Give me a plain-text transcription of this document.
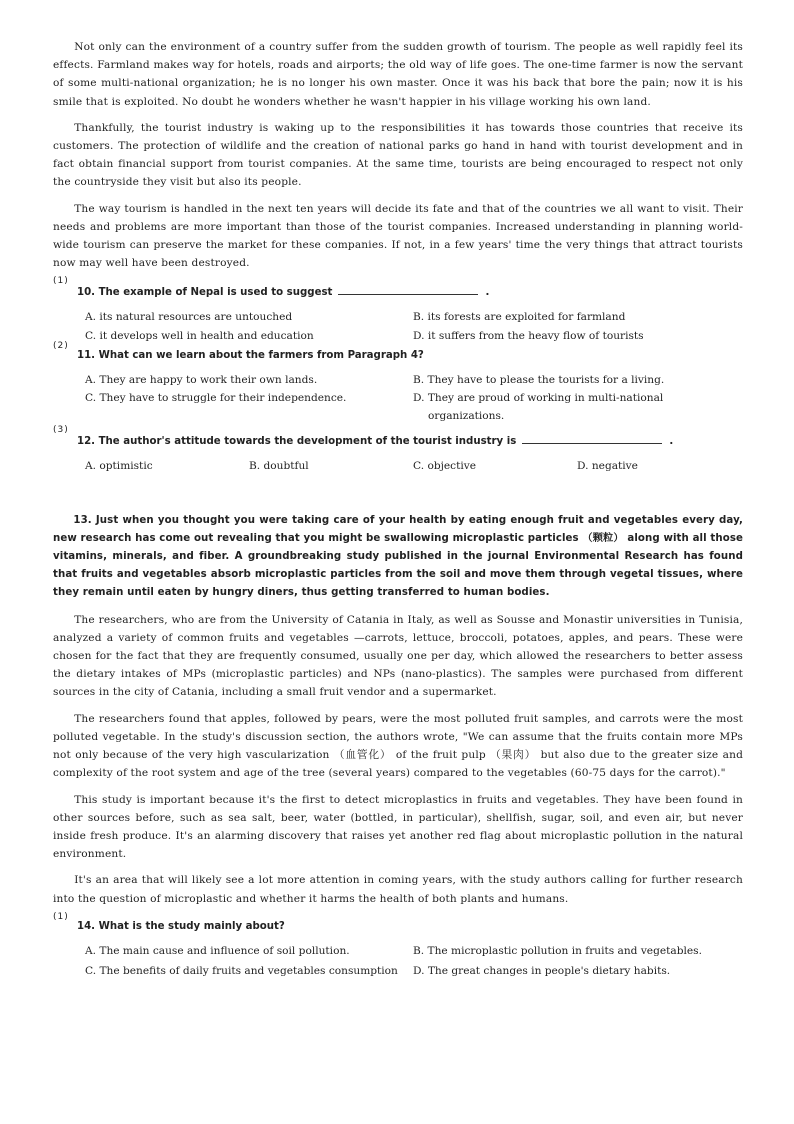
Not only can the environment of a country suffer from the sudden growth of tourism. The people as well rapidly feel its effects. Farmland makes way for hotels, roads and airports; the old way of life goes. The one-time farmer is now the servant of some multi-national organization; he is no longer his own master. Once it was his back that bore the pain; now it is his smile that is exploited. No doubt he wonders whether he wasn't happier in his village working his own land.

Thankfully, the tourist industry is waking up to the responsibilities it has towards those countries that receive its customers. The protection of wildlife and the creation of national parks go hand in hand with tourist development and in fact obtain financial support from tourist companies. At the same time, tourists are being encouraged to respect not only the countryside they visit but also its people.

The way tourism is handled in the next ten years will decide its fate and that of the countries we all want to visit. Their needs and problems are more important than those of the tourist companies. Increased understanding in planning world-wide tourism can preserve the market for these companies. If not, in a few years' time the very things that attract tourists now may well have been destroyed.

(1)
10. The example of Nepal is used to suggest	.
A. its natural resources are untouched	B. its forests are exploited for farmland
C. it develops well in health and education	D. it suffers from the heavy flow of tourists
(2)
11. What can we learn about the farmers from Paragraph 4?
A. They are happy to work their own lands.	B. They have to please the tourists for a living.
C. They have to struggle for their independence.	D. They are proud of working in multi-national organizations.
(3)
12. The author's attitude towards the development of the tourist industry is	.
A. optimistic	B. doubtful	C. objective	D. negative

13. Just when you thought you were taking care of your health by eating enough fruit and vegetables every day, new research has come out revealing that you might be swallowing microplastic particles （颗粒） along with all those vitamins, minerals, and fiber. A groundbreaking study published in the journal Environmental Research has found that fruits and vegetables absorb microplastic particles from the soil and move them through vegetal tissues, where they remain until eaten by hungry diners, thus getting transferred to human bodies.

The researchers, who are from the University of Catania in Italy, as well as Sousse and Monastir universities in Tunisia, analyzed a variety of common fruits and vegetables —carrots, lettuce, broccoli, potatoes, apples, and pears. These were chosen for the fact that they are frequently consumed, usually one per day, which allowed the researchers to better assess the dietary intakes of MPs (microplastic particles) and NPs (nano-plastics). The samples were purchased from different sources in the city of Catania, including a small fruit vendor and a supermarket.

The researchers found that apples, followed by pears, were the most polluted fruit samples, and carrots were the most polluted vegetable. In the study's discussion section, the authors wrote, "We can assume that the fruits contain more MPs not only because of the very high vascularization （血管化） of the fruit pulp （果肉） but also due to the greater size and complexity of the root system and age of the tree (several years) compared to the vegetables (60-75 days for the carrot)."

This study is important because it's the first to detect microplastics in fruits and vegetables. They have been found in other sources before, such as sea salt, beer, water (bottled, in particular), shellfish, sugar, soil, and even air, but never inside fresh produce. It's an alarming discovery that raises yet another red flag about microplastic pollution in the natural environment.

It's an area that will likely see a lot more attention in coming years, with the study authors calling for further research into the question of microplastic and whether it harms the health of both plants and humans.

(1)
14. What is the study mainly about?
A. The main cause and influence of soil pollution.	B. The microplastic pollution in fruits and vegetables.
C. The benefits of daily fruits and vegetables consumption	D. The great changes in people's dietary habits.
